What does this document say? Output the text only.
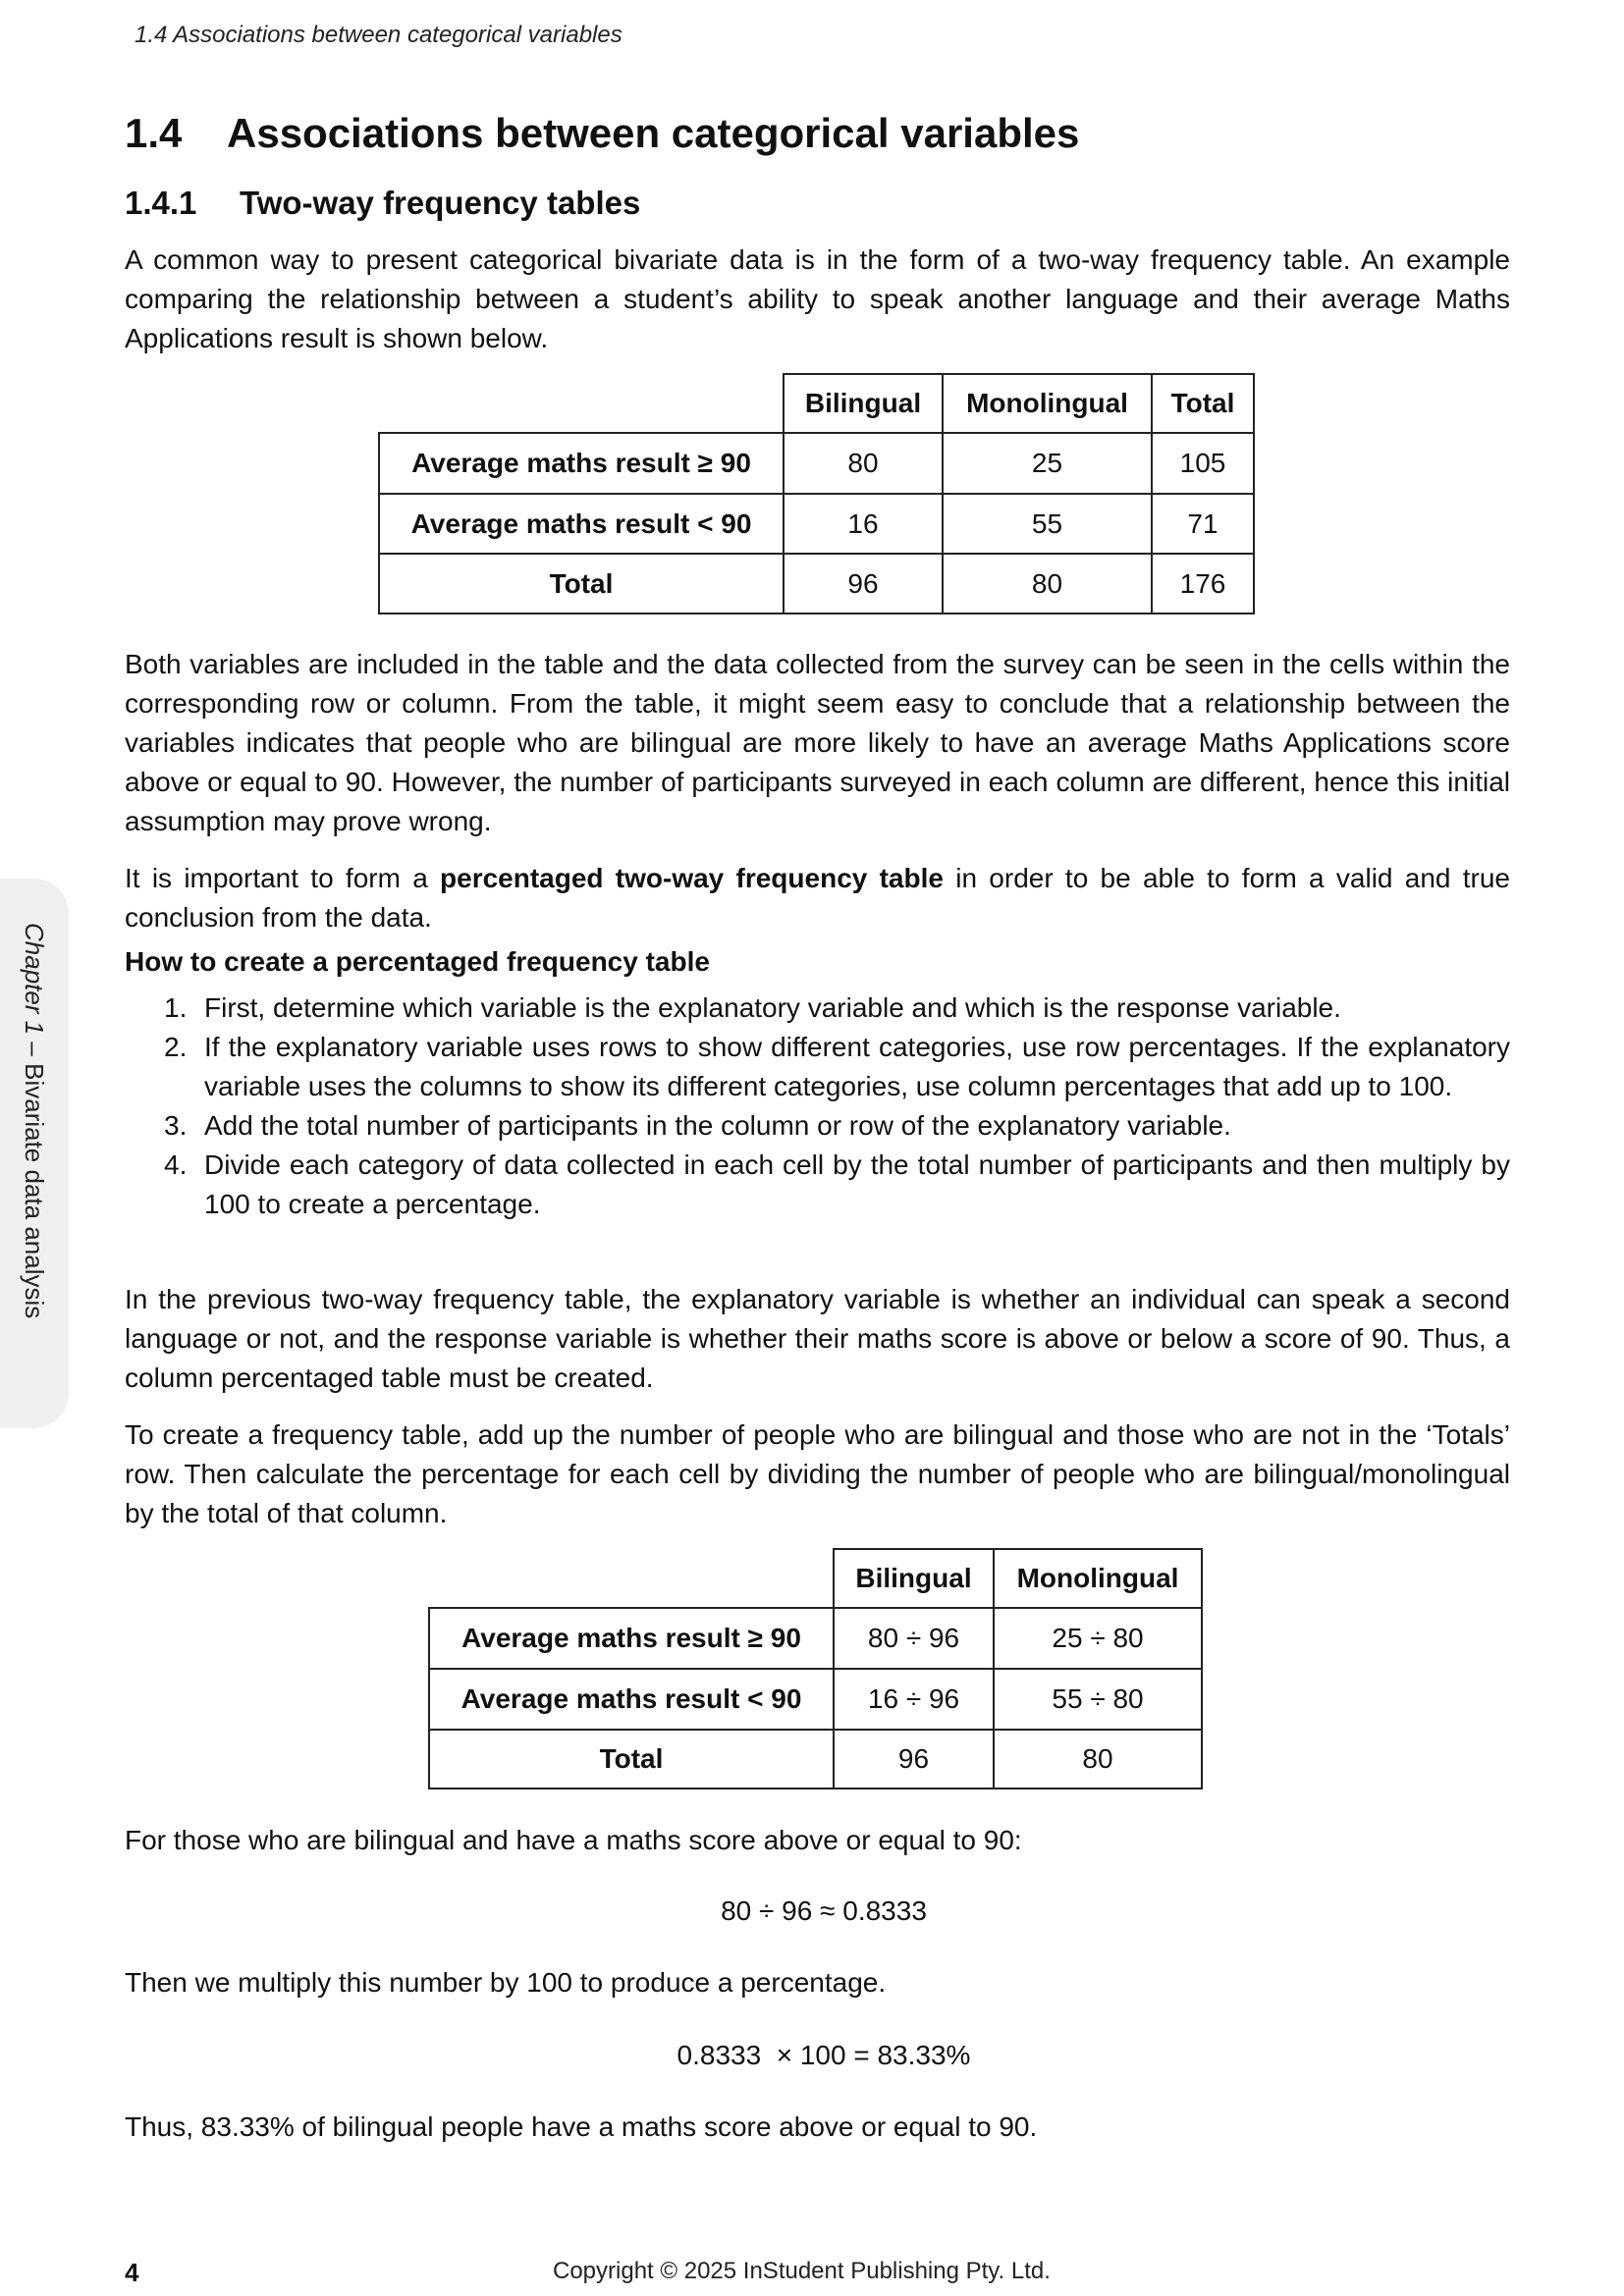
1.4 Associations between categorical variables
1.4 Associations between categorical variables
1.4.1 Two-way frequency tables

A common way to present categorical bivariate data is in the form of a two-way frequency table. An example comparing the relationship between a student’s ability to speak another language and their average Maths Applications result is shown below.

	Bilingual	Monolingual	Total
Average maths result ≥ 90	80	25	105
Average maths result < 90	16	55	71
Total	96	80	176

Both variables are included in the table and the data collected from the survey can be seen in the cells within the corresponding row or column. From the table, it might seem easy to conclude that a relationship between the variables indicates that people who are bilingual are more likely to have an average Maths Applications score above or equal to 90. However, the number of participants surveyed in each column are different, hence this initial assumption may prove wrong.

It is important to form a percentaged two-way frequency table in order to be able to form a valid and true conclusion from the data.

How to create a percentaged frequency table
1. First, determine which variable is the explanatory variable and which is the response variable.
2. If the explanatory variable uses rows to show different categories, use row percentages. If the explanatory variable uses the columns to show its different categories, use column percentages that add up to 100.
3. Add the total number of participants in the column or row of the explanatory variable.
4. Divide each category of data collected in each cell by the total number of participants and then multiply by 100 to create a percentage.

In the previous two-way frequency table, the explanatory variable is whether an individual can speak a second language or not, and the response variable is whether their maths score is above or below a score of 90. Thus, a column percentaged table must be created.

To create a frequency table, add up the number of people who are bilingual and those who are not in the ‘Totals’ row. Then calculate the percentage for each cell by dividing the number of people who are bilingual/monolingual by the total of that column.

	Bilingual	Monolingual
Average maths result ≥ 90	80 ÷ 96	25 ÷ 80
Average maths result < 90	16 ÷ 96	55 ÷ 80
Total	96	80

For those who are bilingual and have a maths score above or equal to 90:

80 ÷ 96 ≈ 0.8333

Then we multiply this number by 100 to produce a percentage.

0.8333  × 100 = 83.33%

Thus, 83.33% of bilingual people have a maths score above or equal to 90.

Chapter 1 – Bivariate data analysis
4	Copyright © 2025 InStudent Publishing Pty. Ltd.
